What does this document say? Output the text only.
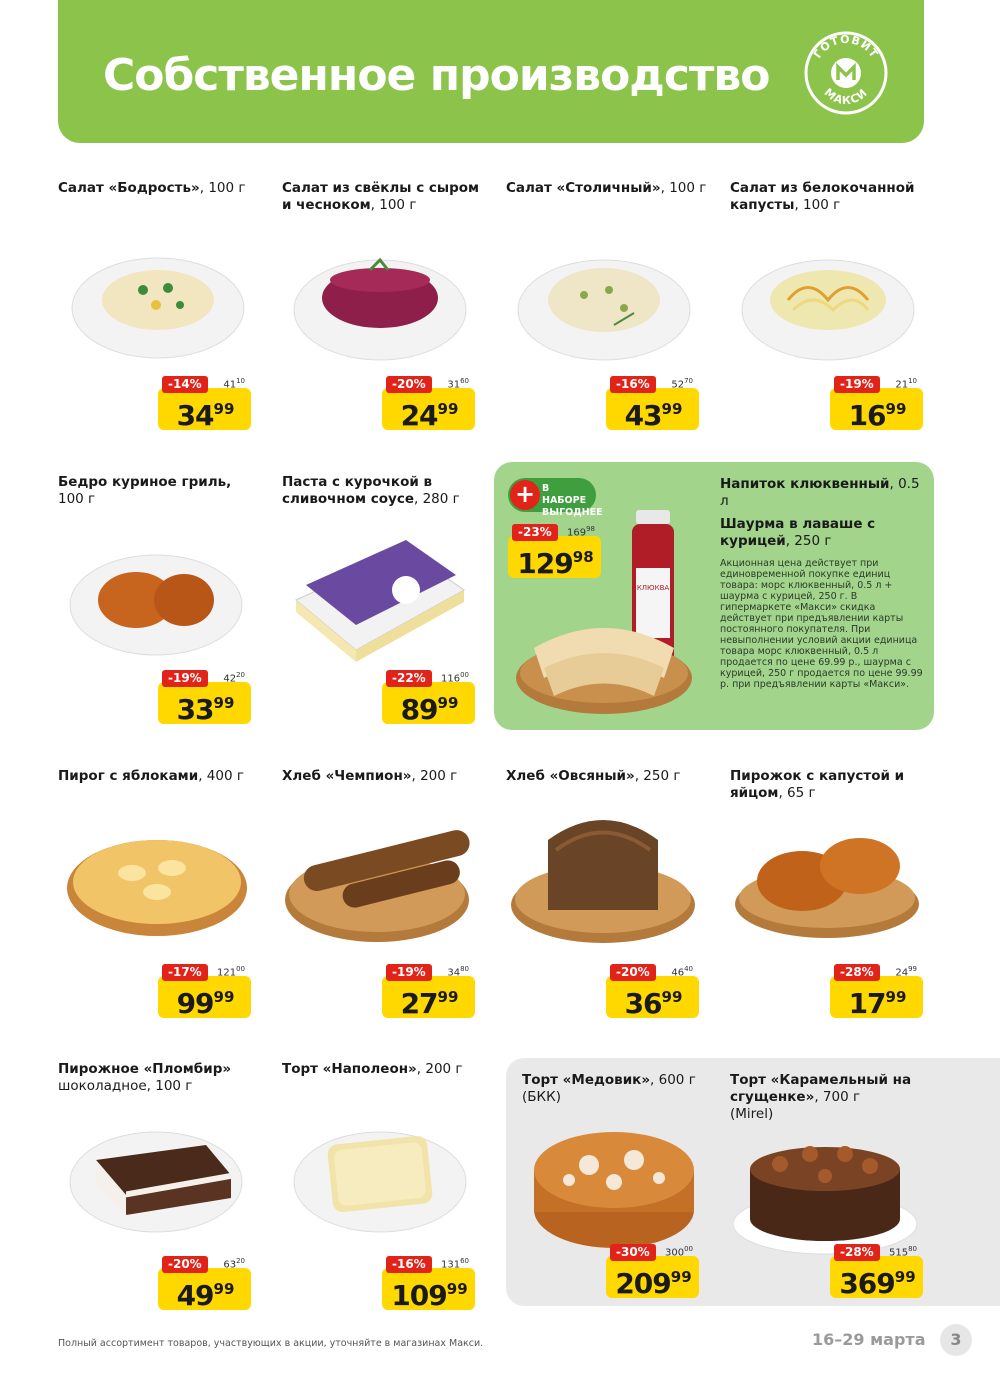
Собственное производство	ГОТОВИТ
МАКСИ
Салат «Бодрость», 100 г
-14%	$41^{10}$
$34^{99}$
Салат из свёклы с сыром и чесноком, 100 г
-20%	$31^{60}$
$24^{99}$
Салат «Столичный», 100 г
-16%	$52^{70}$
$43^{99}$
Салат из белокочанной капусты, 100 г
-19%	$21^{10}$
$16^{99}$
Бедро куриное гриль,
100 г
-19%	$42^{20}$
$33^{99}$
Паста с курочкой в сливочном соусе, 280 г
-22%	$116^{00}$
$89^{99}$
+ В НАБОРЕ
ВЫГОДНЕЕ
-23%	$169^{98}$
$129^{98}$
КЛЮКВА
Напиток клюквенный, 0.5 л
Шаурма в лаваше с курицей, 250 г
Акционная цена действует при единовременной покупке единиц товара: морс клюквенный, 0.5 л + шаурма с курицей, 250 г. В гипермаркете «Макси» скидка действует при предъявлении карты постоянного покупателя. При невыполнении условий акции единица товара морс клюквенный, 0.5 л продается по цене 69.99 р., шаурма с курицей, 250 г продается по цене 99.99 р. при предъявлении карты «Макси».
Пирог с яблоками, 400 г
-17%	$121^{00}$
$99^{99}$
Хлеб «Чемпион», 200 г
-19%	$34^{80}$
$27^{99}$
Хлеб «Овсяный», 250 г
-20%	$46^{40}$
$36^{99}$
Пирожок с капустой и яйцом, 65 г
-28%	$24^{99}$
$17^{99}$
Пирожное «Пломбир»
шоколадное, 100 г
-20%	$63^{20}$
$49^{99}$
Торт «Наполеон», 200 г
-16%	$131^{60}$
$109^{99}$
Торт «Медовик», 600 г
(БКК)
-30%	$300^{00}$
$209^{99}$
Торт «Карамельный на сгущенке», 700 г
(Mirel)
-28%	$515^{80}$
$369^{99}$
Полный ассортимент товаров, участвующих в акции, уточняйте в магазинах Макси.	16–29 марта	3
